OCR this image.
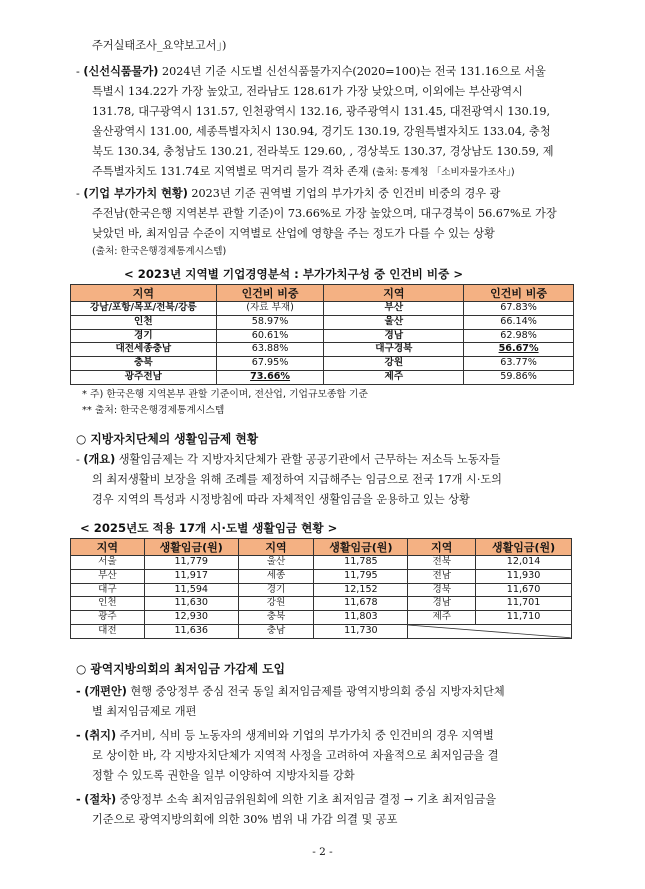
주거실태조사_요약보고서」)
- (신선식품물가) 2024년 기준 시도별 신선식품물가지수(2020=100)는 전국 131.16으로 서울
특별시 134.22가 가장 높았고, 전라남도 128.61가 가장 낮았으며, 이외에는 부산광역시
131.78, 대구광역시 131.57, 인천광역시 132.16, 광주광역시 131.45, 대전광역시 130.19,
울산광역시 131.00, 세종특별자치시 130.94, 경기도 130.19, 강원특별자치도 133.04, 충청
북도 130.34, 충청남도 130.21, 전라북도 129.60, , 경상북도 130.37, 경상남도 130.59, 제
주특별자치도 131.74로 지역별로 먹거리 물가 격차 존재 (출처: 통계청 「소비자물가조사」)
- (기업 부가가치 현황) 2023년 기준 권역별 기업의 부가가치 중 인건비 비중의 경우 광
주전남(한국은행 지역본부 관할 기준)이 73.66%로 가장 높았으며, 대구경북이 56.67%로 가장
낮았던 바, 최저임금 수준이 지역별로 산업에 영향을 주는 정도가 다를 수 있는 상황
(출처: 한국은행경제통계시스템)
< 2023년 지역별 기업경영분석 : 부가가치구성 중 인건비 비중 >
지역	인건비 비중	지역	인건비 비중
강남/포항/목포/전북/강릉	(자료 부재)	부산	67.83%
인천	58.97%	울산	66.14%
경기	60.61%	경남	62.98%
대전세종충남	63.88%	대구경북	56.67%
충북	67.95%	강원	63.77%
광주전남	73.66%	제주	59.86%
* 주) 한국은행 지역본부 관할 기준이며, 전산업, 기업규모종합 기준
** 출처: 한국은행경제통계시스템
○ 지방자치단체의 생활임금제 현황
- (개요) 생활임금제는 각 지방자치단체가 관할 공공기관에서 근무하는 저소득 노동자들
의 최저생활비 보장을 위해 조례를 제정하여 지급해주는 임금으로 전국 17개 시·도의
경우 지역의 특성과 시정방침에 따라 자체적인 생활임금을 운용하고 있는 상황
< 2025년도 적용 17개 시·도별 생활임금 현황 >
지역	생활임금(원)	지역	생활임금(원)	지역	생활임금(원)
서울	11,779	울산	11,785	전북	12,014
부산	11,917	세종	11,795	전남	11,930
대구	11,594	경기	12,152	경북	11,670
인천	11,630	강원	11,678	경남	11,701
광주	12,930	충북	11,803	제주	11,710
대전	11,636	충남	11,730	
○ 광역지방의회의 최저임금 가감제 도입
- (개편안) 현행 중앙정부 중심 전국 동일 최저임금제를 광역지방의회 중심 지방자치단체
별 최저임금제로 개편
- (취지) 주거비, 식비 등 노동자의 생계비와 기업의 부가가치 중 인건비의 경우 지역별
로 상이한 바, 각 지방자치단체가 지역적 사정을 고려하여 자율적으로 최저임금을 결
정할 수 있도록 권한을 일부 이양하여 지방자치를 강화
- (절차) 중앙정부 소속 최저임금위원회에 의한 기초 최저임금 결정 → 기초 최저임금을
기준으로 광역지방의회에 의한 30% 범위 내 가감 의결 및 공포
- 2 -
